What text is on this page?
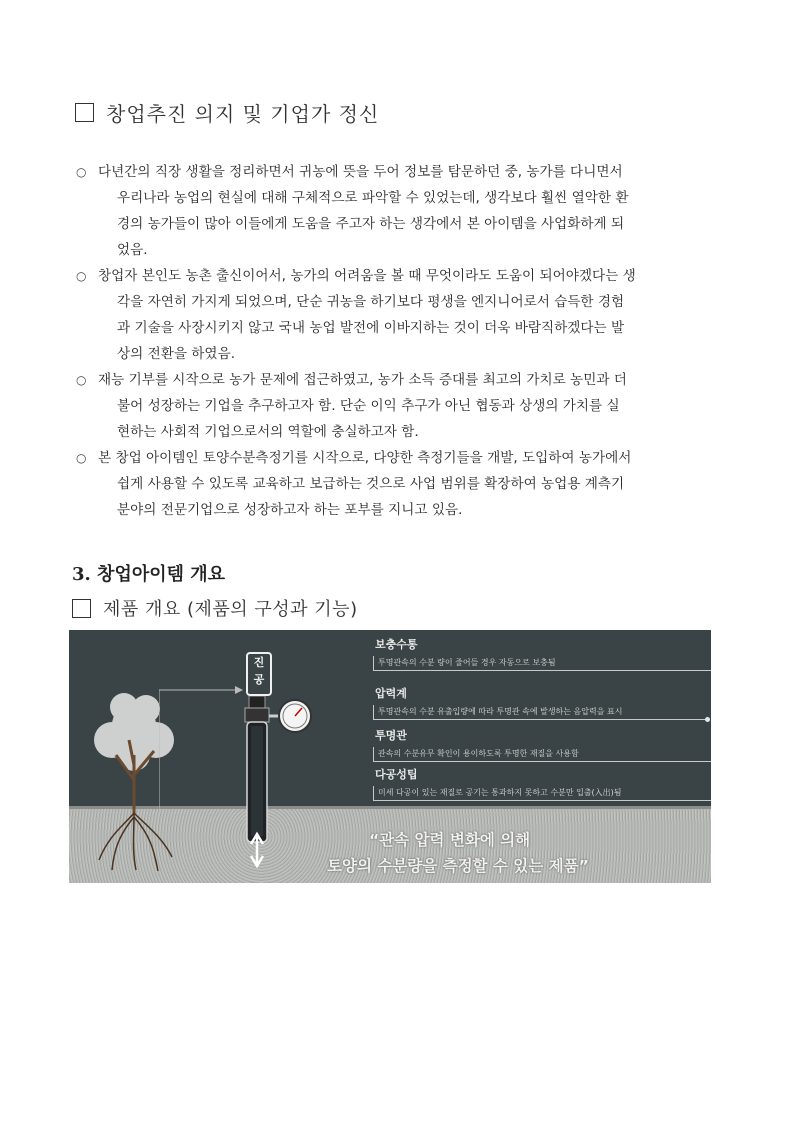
창업추진 의지 및 기업가 정신
○ 다년간의 직장 생활을 정리하면서 귀농에 뜻을 두어 정보를 탐문하던 중, 농가를 다니면서
우리나라 농업의 현실에 대해 구체적으로 파악할 수 있었는데, 생각보다 훨씬 열악한 환
경의 농가들이 많아 이들에게 도움을 주고자 하는 생각에서 본 아이템을 사업화하게 되
었음.
○ 창업자 본인도 농촌 출신이어서, 농가의 어려움을 볼 때 무엇이라도 도움이 되어야겠다는 생
각을 자연히 가지게 되었으며, 단순 귀농을 하기보다 평생을 엔지니어로서 습득한 경험
과 기술을 사장시키지 않고 국내 농업 발전에 이바지하는 것이 더욱 바람직하겠다는 발
상의 전환을 하였음.
○ 재능 기부를 시작으로 농가 문제에 접근하였고, 농가 소득 증대를 최고의 가치로 농민과 더
불어 성장하는 기업을 추구하고자 함. 단순 이익 추구가 아닌 협동과 상생의 가치를 실
현하는 사회적 기업으로서의 역할에 충실하고자 함.
○ 본 창업 아이템인 토양수분측정기를 시작으로, 다양한 측정기들을 개발, 도입하여 농가에서
쉽게 사용할 수 있도록 교육하고 보급하는 것으로 사업 범위를 확장하여 농업용 계측기
분야의 전문기업으로 성장하고자 하는 포부를 지니고 있음.
3. 창업아이템 개요
제품 개요 (제품의 구성과 기능)
진
공
보충수통
투명관속의 수분 량이 줄어들 경우 자동으로 보충됨
압력계
투명관속의 수분 유출입량에 따라 투명관 속에 발생하는 음압력을 표시
투명관
관속의 수분유무 확인이 용이하도록 투명한 재질을 사용함
다공성팁
미세 다공이 있는 재질로 공기는 통과하지 못하고 수분만 입출(入出)됨
“관속 압력 변화에 의해
토양의 수분량을 측정할 수 있는 제품”
